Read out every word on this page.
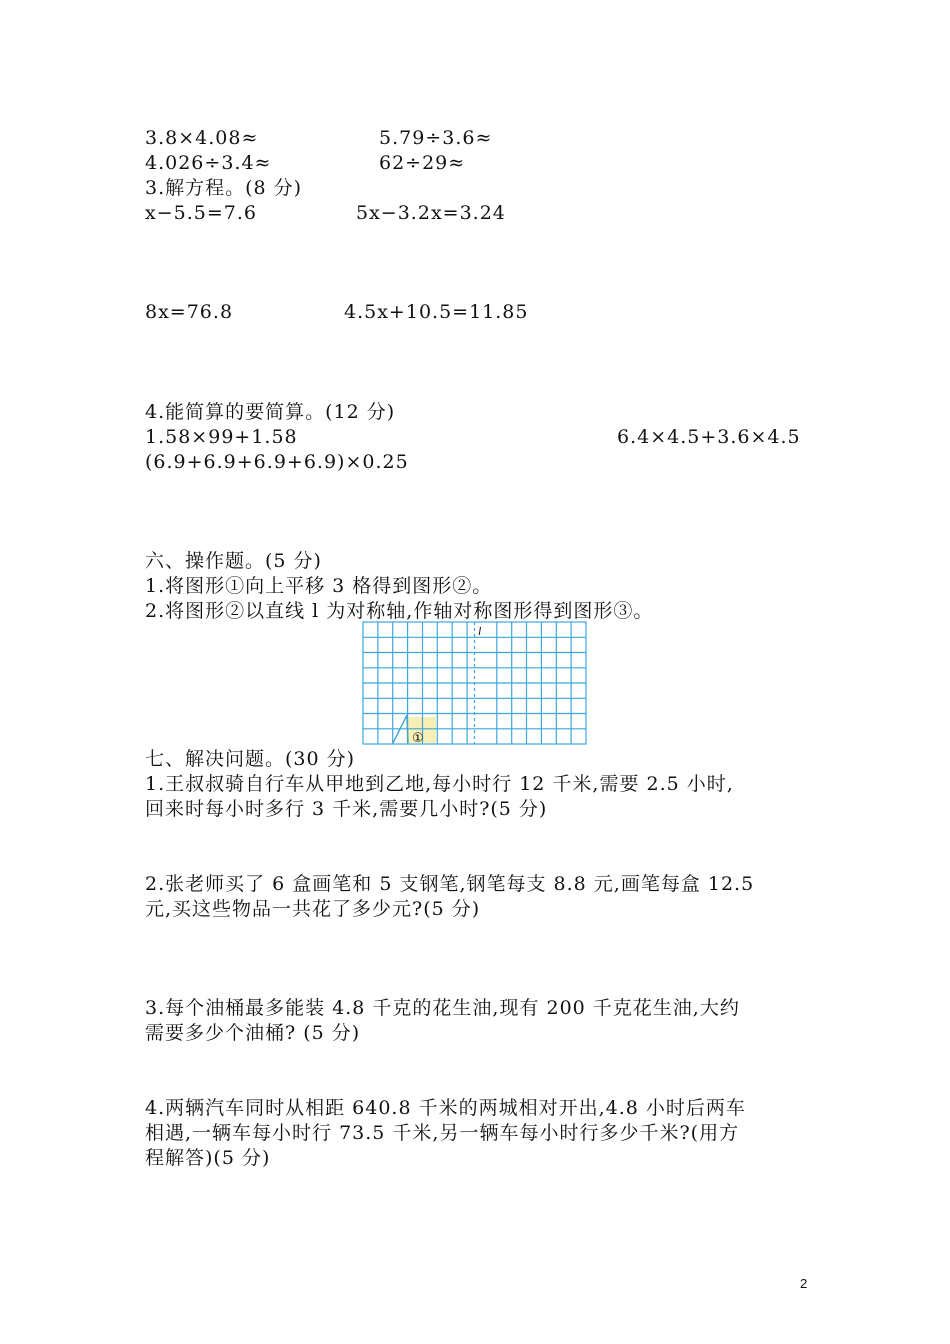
3.8×4.08≈	5.79÷3.6≈
4.026÷3.4≈	62÷29≈
3.解方程。(8 分)
x−5.5=7.6	5x−3.2x=3.24
8x=76.8	4.5x+10.5=11.85
4.能简算的要简算。(12 分)
1.58×99+1.58	6.4×4.5+3.6×4.5
(6.9+6.9+6.9+6.9)×0.25
六、操作题。(5 分)
1.将图形①向上平移 3 格得到图形②。
2.将图形②以直线 l 为对称轴,作轴对称图形得到图形③。
l
①
七、解决问题。(30 分)
1.王叔叔骑自行车从甲地到乙地,每小时行 12 千米,需要 2.5 小时,
回来时每小时多行 3 千米,需要几小时?(5 分)
2.张老师买了 6 盒画笔和 5 支钢笔,钢笔每支 8.8 元,画笔每盒 12.5
元,买这些物品一共花了多少元?(5 分)
3.每个油桶最多能装 4.8 千克的花生油,现有 200 千克花生油,大约
需要多少个油桶? (5 分)
4.两辆汽车同时从相距 640.8 千米的两城相对开出,4.8 小时后两车
相遇,一辆车每小时行 73.5 千米,另一辆车每小时行多少千米?(用方
程解答)(5 分)
2
